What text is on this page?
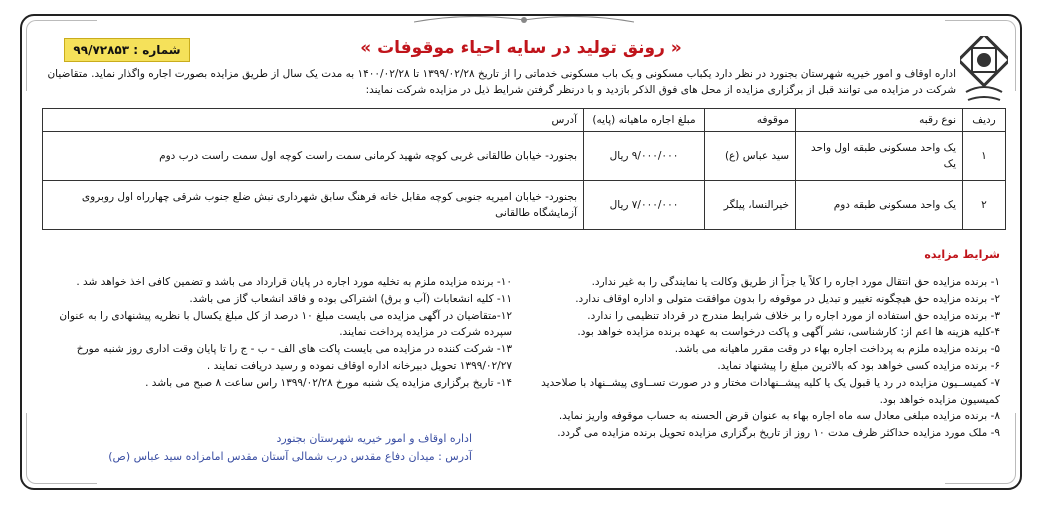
« رونق تولید در سایه احیاء موقوفات »
شماره : ۹۹/۷۲۸۵۳
اداره اوقاف و امور خیریه شهرستان بجنورد در نظر دارد یکباب مسکونی و یک باب مسکونی خدماتی را از تاریخ ۱۳۹۹/۰۲/۲۸ تا ۱۴۰۰/۰۲/۲۸ به مدت یک سال از طریق مزایده بصورت اجاره واگذار نماید. متقاضیان شرکت در مزایده می توانند قبل از برگزاری مزایده از محل های فوق الذکر بازدید و با درنظر گرفتن شرایط ذیل در مزایده شرکت نمایند:
ردیف	نوع رقبه	موقوفه	مبلغ اجاره ماهیانه (پایه)	آدرس
۱	یک واحد مسکونی طبقه اول واحد یک	سید عباس (ع)	۹/۰۰۰/۰۰۰ ریال	بجنورد- خیابان طالقانی غربی کوچه شهید کرمانی سمت راست کوچه اول سمت راست درب دوم
۲	یک واحد مسکونی طبقه دوم	خیرالنسا، پیلگر	۷/۰۰۰/۰۰۰ ریال	بجنورد- خیابان امیریه جنوبی کوچه مقابل خانه فرهنگ سابق شهرداری نبش ضلع جنوب شرقی چهارراه اول روبروی آزمایشگاه طالقانی
شرایط مزایده

۱- برنده مزایده حق انتقال مورد اجاره را کلاً یا جزاً از طریق وکالت یا نمایندگی را به غیر ندارد.

۲- برنده مزایده حق هیچگونه تغییر و تبدیل در موقوفه را بدون موافقت متولی و اداره اوقاف ندارد.

۳- برنده مزایده حق استفاده از مورد اجاره را بر خلاف شرایط مندرج در قرداد تنظیمی را ندارد.

۴-کلیه هزینه ها اعم از: کارشناسی، نشر آگهی و پاکت درخواست به عهده برنده مزایده خواهد بود.

۵- برنده مزایده ملزم به پرداخت اجاره بهاء در وقت مقرر ماهیانه می باشد.

۶- برنده مزایده کسی خواهد بود که بالاترین مبلغ را پیشنهاد نماید.

۷- کمیســیون مزایده در رد یا قبول یک یا کلیه پیشــنهادات مختار و در صورت تســاوی پیشــنهاد با صلاحدید کمیسیون مزایده خواهد بود.

۸- برنده مزایده مبلغی معادل سه ماه اجاره بهاء به عنوان قرض الحسنه به حساب موقوفه واریز نماید.

۹- ملک مورد مزایده حداکثر ظرف مدت ۱۰ روز از تاریخ برگزاری مزایده تحویل برنده مزایده می گردد.

۱۰- برنده مزایده ملزم به تخلیه مورد اجاره در پایان قرارداد می باشد و تضمین کافی اخذ خواهد شد .

۱۱- کلیه انشعابات (آب و برق) اشتراکی بوده و فاقد انشعاب گاز می باشد.

۱۲-متقاضیان در آگهی مزایده می بایست مبلغ ۱۰ درصد از کل مبلغ یکسال با نظریه پیشنهادی را به عنوان سپرده شرکت در مزایده پرداخت نمایند.

۱۳- شرکت کننده در مزایده می بایست پاکت های الف - ب - ج را تا پایان وقت اداری روز شنبه مورخ ۱۳۹۹/۰۲/۲۷ تحویل دبیرخانه اداره اوقاف نموده و رسید دریافت نمایند .

۱۴- تاریخ برگزاری مزایده یک شنبه مورخ ۱۳۹۹/۰۲/۲۸ راس ساعت ۸ صبح می باشد .

اداره اوقاف و امور خیریه شهرستان بجنورد

آدرس : میدان دفاع مقدس درب شمالی آستان مقدس امامزاده سید عباس (ص)
